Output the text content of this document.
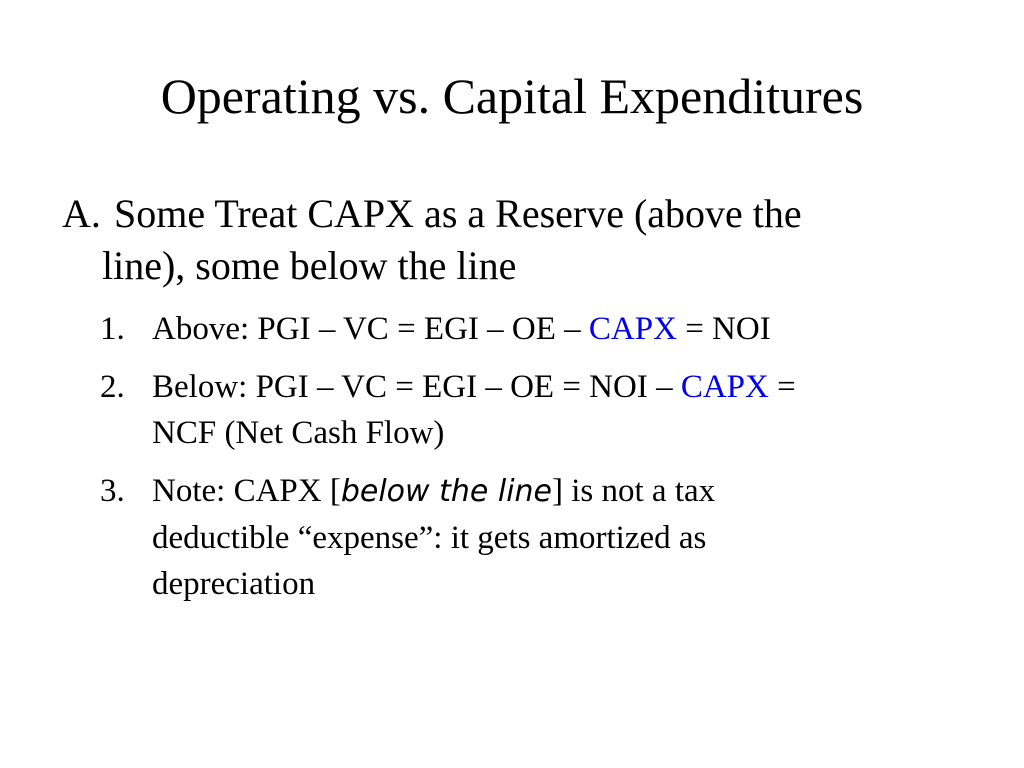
Operating vs. Capital Expenditures
A. Some Treat CAPX as a Reserve (above the
line), some below the line
1. Above: PGI – VC = EGI – OE – CAPX = NOI
2. Below: PGI – VC = EGI – OE = NOI – CAPX =
NCF (Net Cash Flow)
3. Note: CAPX [below the line] is not a tax
deductible “expense”: it gets amortized as
depreciation
